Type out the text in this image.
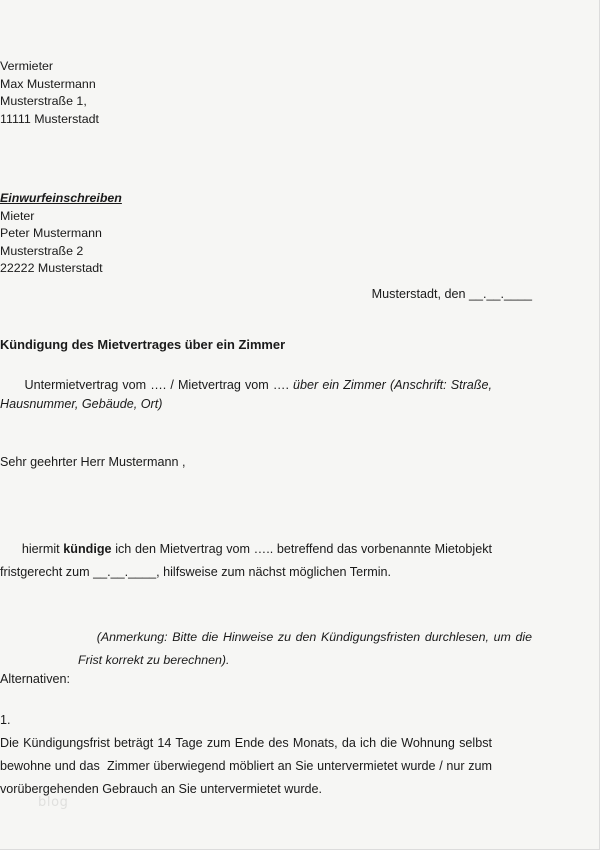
Vermieter
Max Mustermann
Musterstraße 1,
11111 Musterstadt
Einwurfeinschreiben
Mieter
Peter Mustermann
Musterstraße 2
22222 Musterstadt
Musterstadt, den __.__.____
Kündigung des Mietvertrages über ein Zimmer

Untermietvertrag vom …. / Mietvertrag vom …. über ein Zimmer (Anschrift: Straße, Hausnummer, Gebäude, Ort)

Sehr geehrter Herr Mustermann ,

hiermit kündige ich den Mietvertrag vom ….. betreffend das vorbenannte Mietobjekt fristgerecht zum __.__.____, hilfsweise zum nächst möglichen Termin.

(Anmerkung: Bitte die Hinweise zu den Kündigungsfristen durchlesen, um die Frist korrekt zu berechnen).

Alternativen:
1.
Die Kündigungsfrist beträgt 14 Tage zum Ende des Monats, da ich die Wohnung selbst bewohne und das  Zimmer überwiegend möbliert an Sie untervermietet wurde / nur zum vorübergehenden Gebrauch an Sie untervermietet wurde.
blog
